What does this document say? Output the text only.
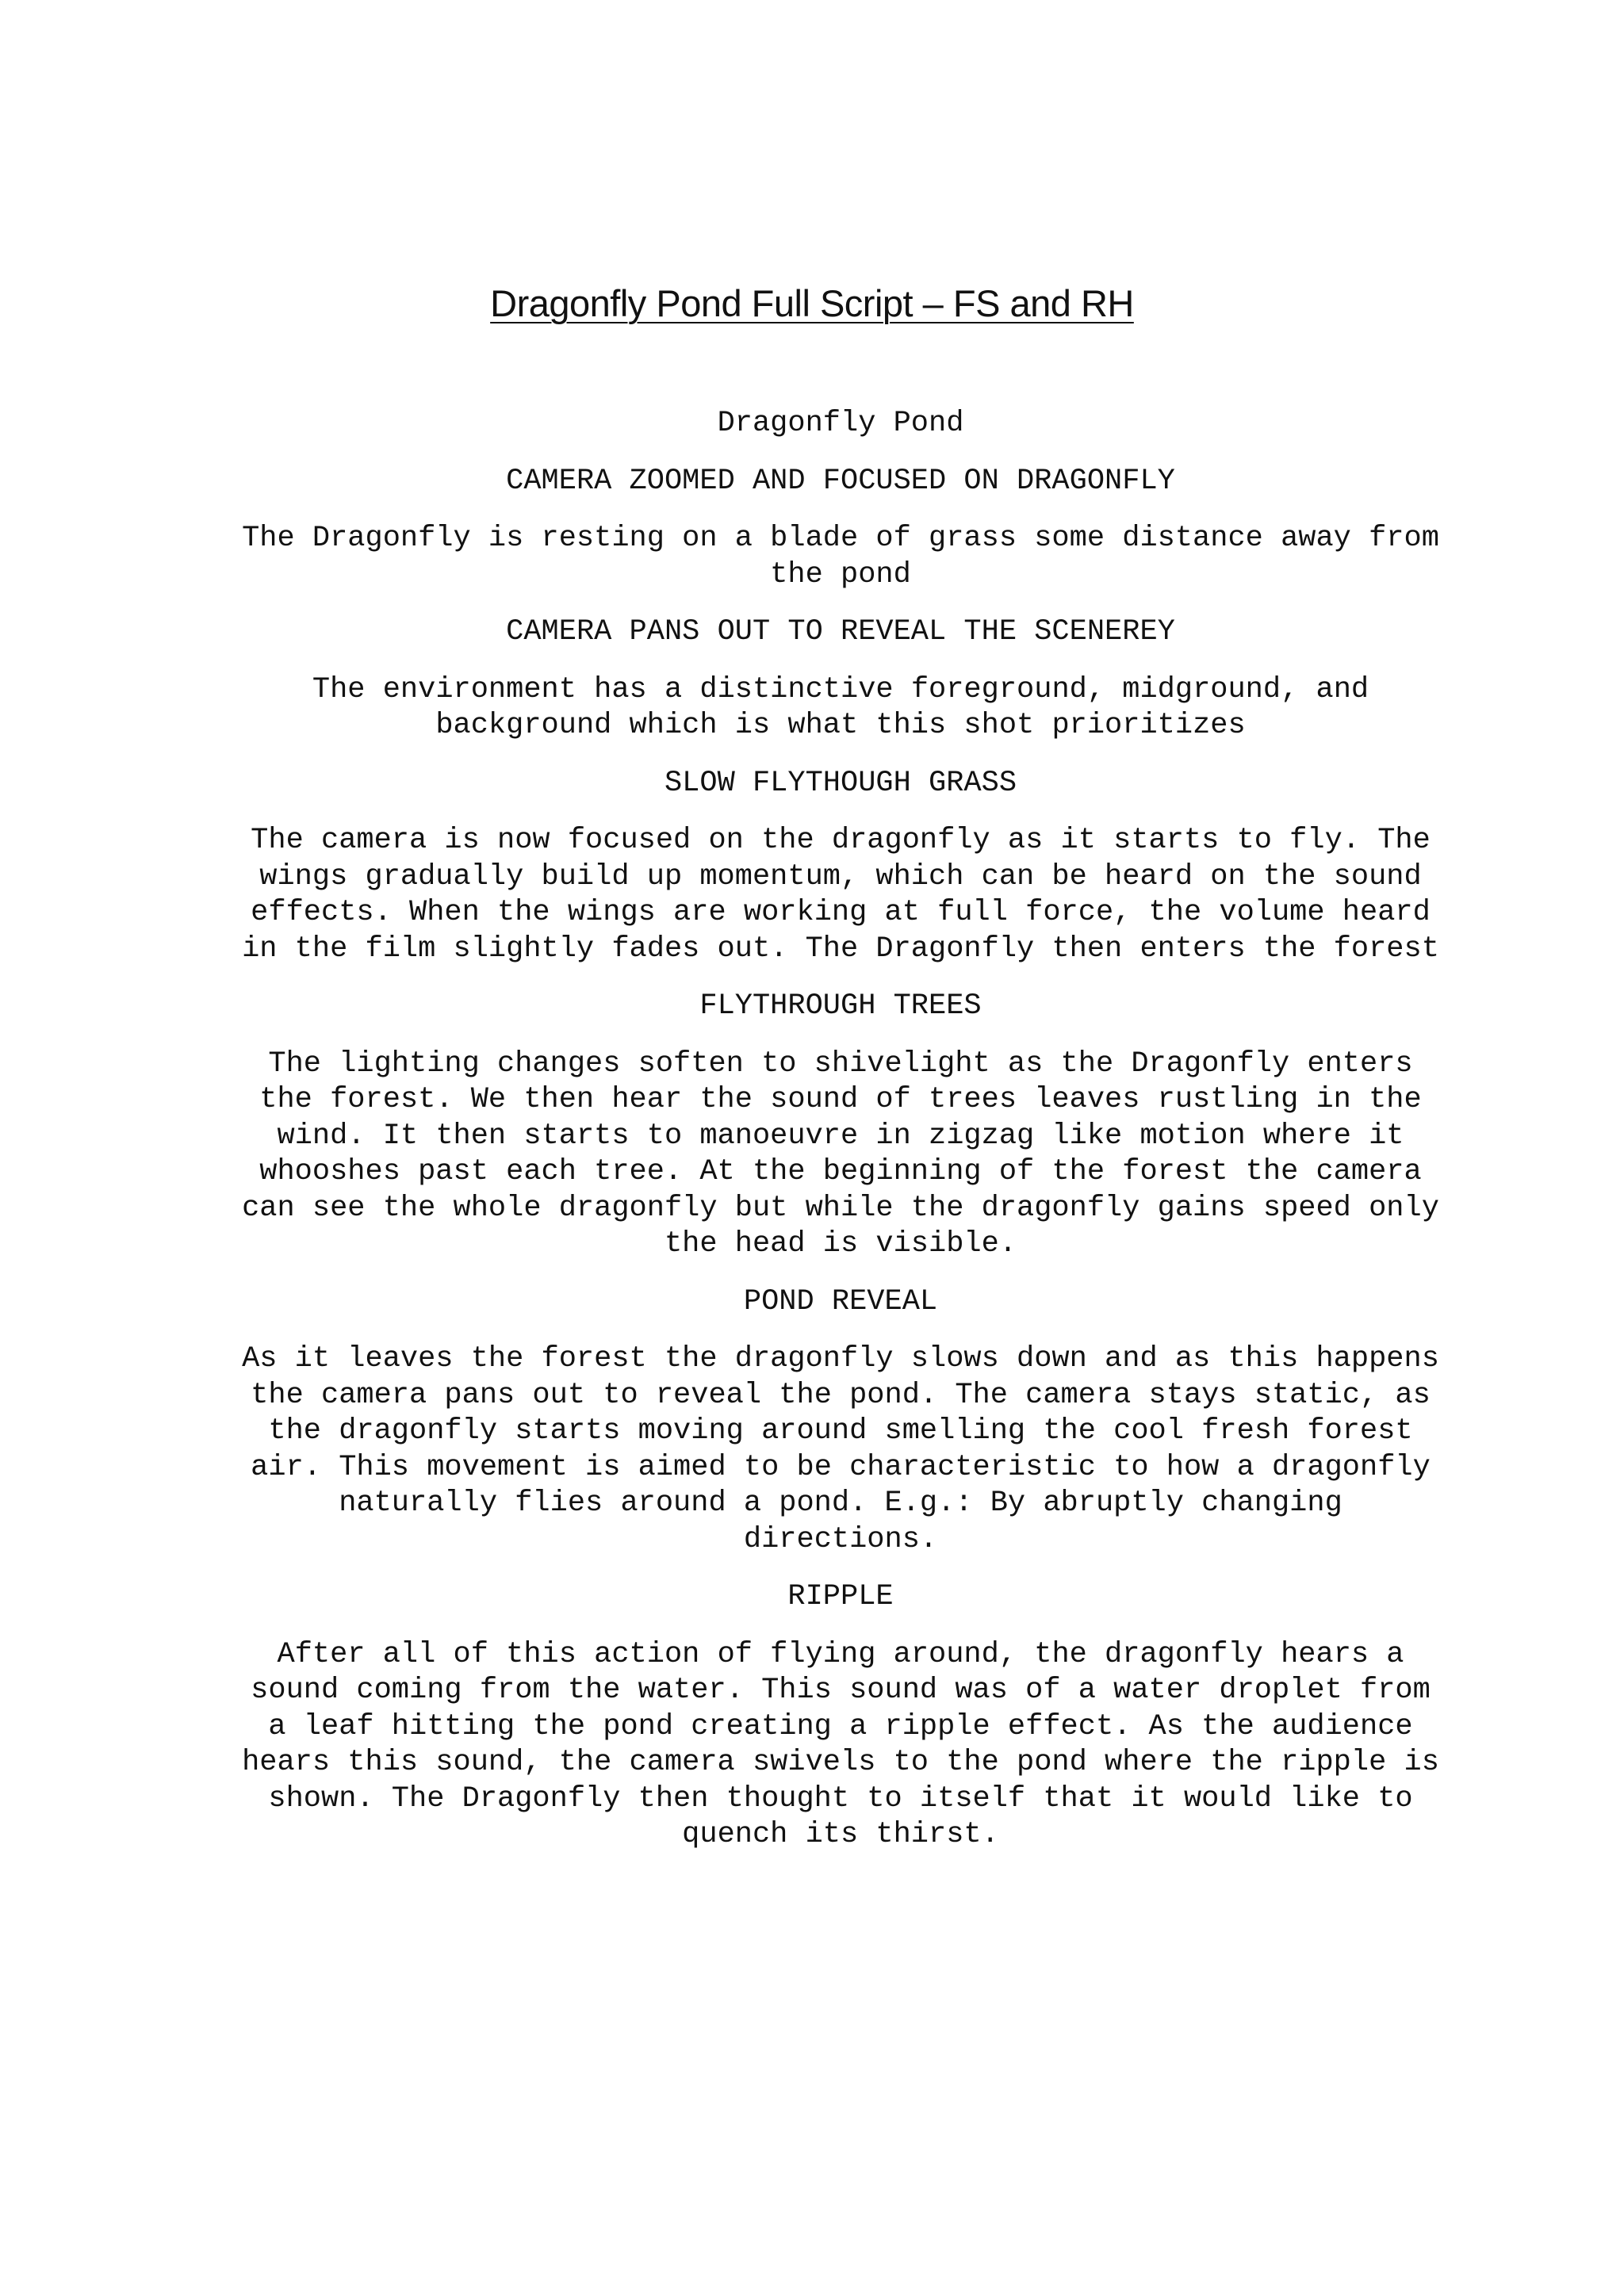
Dragonfly Pond Full Script – FS and RH

Dragonfly Pond

CAMERA ZOOMED AND FOCUSED ON DRAGONFLY

The Dragonfly is resting on a blade of grass some distance away from the pond

CAMERA PANS OUT TO REVEAL THE SCENEREY

The environment has a distinctive foreground, midground, and background which is what this shot prioritizes

SLOW FLYTHOUGH GRASS

The camera is now focused on the dragonfly as it starts to fly. The wings gradually build up momentum, which can be heard on the sound effects. When the wings are working at full force, the volume heard in the film slightly fades out. The Dragonfly then enters the forest

FLYTHROUGH TREES

The lighting changes soften to shivelight as the Dragonfly enters the forest. We then hear the sound of trees leaves rustling in the wind. It then starts to manoeuvre in zigzag like motion where it whooshes past each tree. At the beginning of the forest the camera can see the whole dragonfly but while the dragonfly gains speed only the head is visible.

POND REVEAL

As it leaves the forest the dragonfly slows down and as this happens the camera pans out to reveal the pond. The camera stays static, as the dragonfly starts moving around smelling the cool fresh forest air. This movement is aimed to be characteristic to how a dragonfly naturally flies around a pond. E.g.: By abruptly changing directions.

RIPPLE

After all of this action of flying around, the dragonfly hears a sound coming from the water. This sound was of a water droplet from a leaf hitting the pond creating a ripple effect. As the audience hears this sound, the camera swivels to the pond where the ripple is shown. The Dragonfly then thought to itself that it would like to quench its thirst.
